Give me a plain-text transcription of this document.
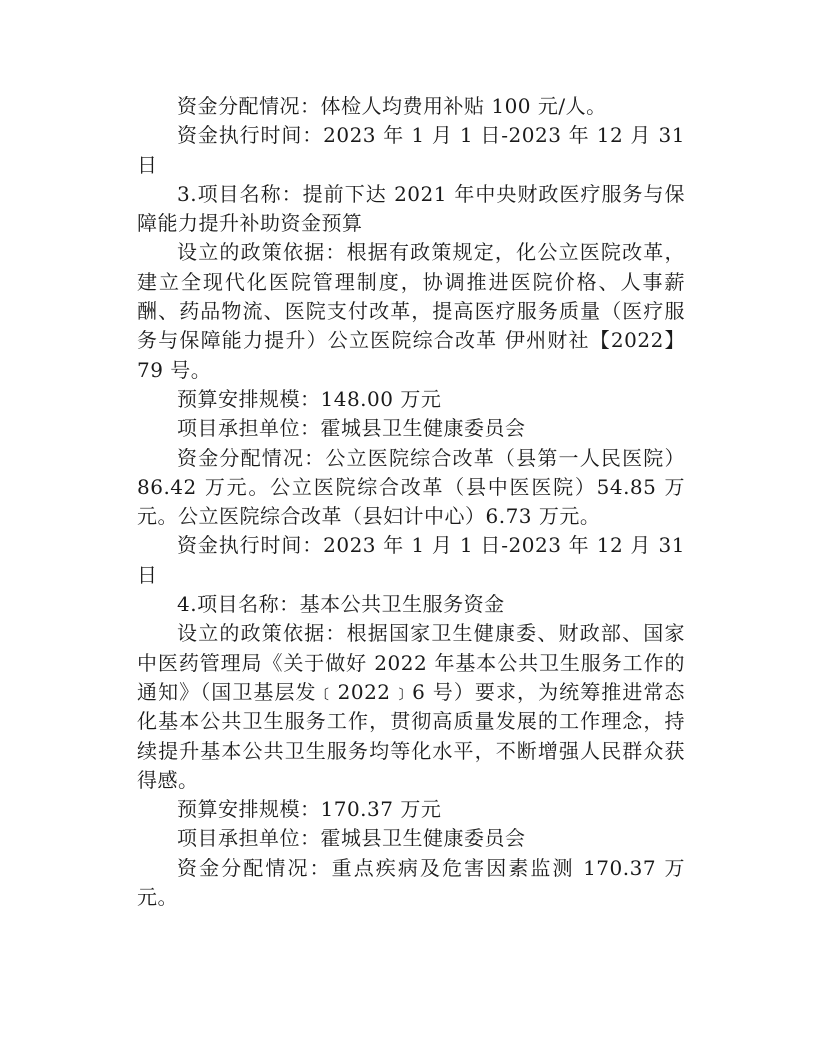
资金分配情况：体检人均费用补贴 100 元/人。

资金执行时间：2023 年 1 月 1 日-2023 年 12 月 31 日

3.项目名称：提前下达 2021 年中央财政医疗服务与保障能力提升补助资金预算

设立的政策依据：根据有政策规定，化公立医院改革，建立全现代化医院管理制度，协调推进医院价格、人事薪酬、药品物流、医院支付改革，提高医疗服务质量（医疗服务与保障能力提升）公立医院综合改革 伊州财社【2022】79 号。

预算安排规模：148.00 万元

项目承担单位：霍城县卫生健康委员会

资金分配情况：公立医院综合改革（县第一人民医院）86.42 万元。公立医院综合改革（县中医医院）54.85 万元。公立医院综合改革（县妇计中心）6.73 万元。

资金执行时间：2023 年 1 月 1 日-2023 年 12 月 31 日

4.项目名称：基本公共卫生服务资金

设立的政策依据：根据国家卫生健康委、财政部、国家中医药管理局《关于做好 2022 年基本公共卫生服务工作的通知》（国卫基层发﹝2022﹞6 号）要求，为统筹推进常态化基本公共卫生服务工作，贯彻高质量发展的工作理念，持续提升基本公共卫生服务均等化水平，不断增强人民群众获得感。

预算安排规模：170.37 万元

项目承担单位：霍城县卫生健康委员会

资金分配情况：重点疾病及危害因素监测 170.37 万元。
